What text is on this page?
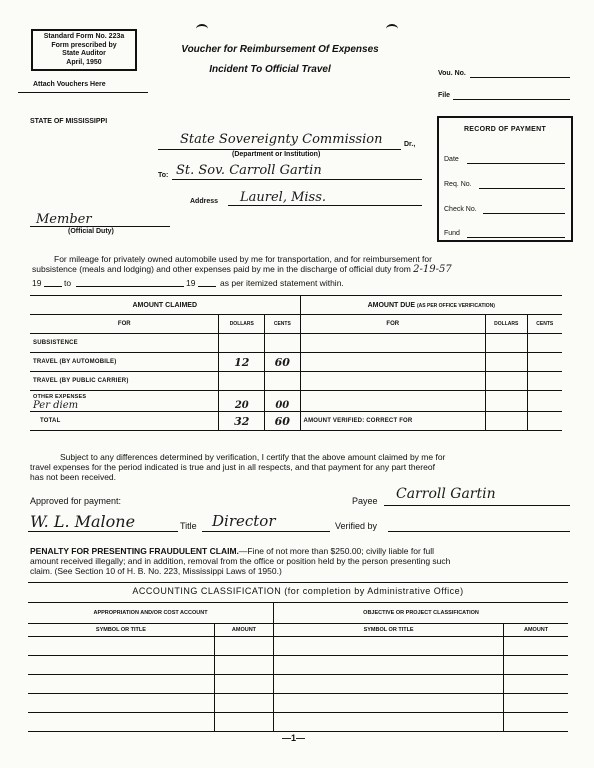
Standard Form No. 223a
Form prescribed by
State Auditor
April, 1950
Attach Vouchers Here
Voucher for Reimbursement Of Expenses
Incident To Official Travel	Vou. No.
File
STATE OF MISSISSIPPI
State Sovereignty Commission	Dr.,
(Department or Institution)
To: St. Sov. Carroll Gartin
Address Laurel, Miss.
Member
(Official Duty)
RECORD OF PAYMENT
Date
Req. No.
Check No.
Fund
For mileage for privately owned automobile used by me for transportation, and for reimbursement for
subsistence (meals and lodging) and other expenses paid by me in the discharge of official duty from 2-19-57
19	to	19	as per itemized statement within.
AMOUNT CLAIMED			AMOUNT DUE (AS PER OFFICE VERIFICATION)		
FOR	DOLLARS	CENTS	FOR	DOLLARS	CENTS
SUBSISTENCE					
TRAVEL (BY AUTOMOBILE)	12	60			
TRAVEL (BY PUBLIC CARRIER)					

OTHER EXPENSES
Per diem	20	00			

TOTAL	32	60	AMOUNT VERIFIED: CORRECT FOR		
Subject to any differences determined by verification, I certify that the above amount claimed by me for
travel expenses for the period indicated is true and just in all respects, and that payment for any part thereof
has not been received.
Approved for payment:	Payee Carroll Gartin
W. L. Malone	Title Director	Verified by
PENALTY FOR PRESENTING FRAUDULENT CLAIM.—Fine of not more than $250.00; civilly liable for full
amount received illegally; and in addition, removal from the office or position held by the person presenting such
claim. (See Section 10 of H. B. No. 223, Mississippi Laws of 1950.)
ACCOUNTING CLASSIFICATION (for completion by Administrative Office)
APPROPRIATION AND/OR COST ACCOUNT		OBJECTIVE OR PROJECT CLASSIFICATION	
SYMBOL OR TITLE	AMOUNT	SYMBOL OR TITLE	AMOUNT

—1—
